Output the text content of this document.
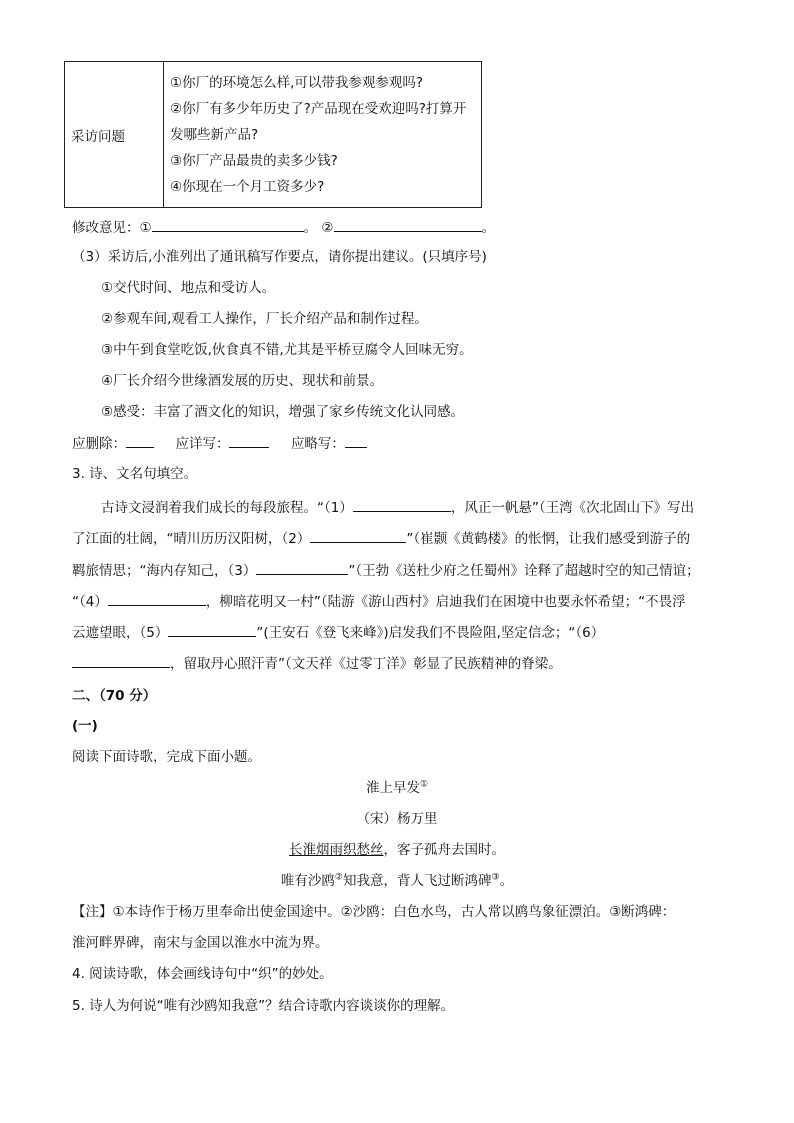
采访问题	
①你厂的环境怎么样,可以带我参观参观吗?
②你厂有多少年历史了?产品现在受欢迎吗?打算开
发哪些新产品?
③你厂产品最贵的卖多少钱?
④你现在一个月工资多少?
修改意见：①	。 ②	。
（3）采访后,小淮列出了通讯稿写作要点，请你提出建议。(只填序号)
①交代时间、地点和受访人。
②参观车间,观看工人操作，厂长介绍产品和制作过程。
③中午到食堂吃饭,伙食真不错,尤其是平桥豆腐令人回味无穷。
④厂长介绍今世缘酒发展的历史、现状和前景。
⑤感受：丰富了酒文化的知识，增强了家乡传统文化认同感。
应删除：	应详写：	应略写：
3. 诗、文名句填空。
古诗文浸润着我们成长的每段旅程。“（1）	，风正一帆悬”（王湾《次北固山下》写出
了江面的壮阔，“晴川历历汉阳树，（2）	”（崔颢《黄鹤楼》的怅惘，让我们感受到游子的
羁旅情思；“海内存知己，（3）	”（王勃《送杜少府之任蜀州》诠释了超越时空的知己情谊；
“（4）	，柳暗花明又一村”（陆游《游山西村》启迪我们在困境中也要永怀希望；“不畏浮
云遮望眼，（5）	”(王安石《登飞来峰》)启发我们不畏险阻,坚定信念；“（6）
，留取丹心照汗青”（文天祥《过零丁洋》彰显了民族精神的脊梁。
二、（70 分）
(一)
阅读下面诗歌，完成下面小题。
淮上早发①
（宋）杨万里
长淮烟雨织愁丝，客子孤舟去国时。
唯有沙鸥②知我意，背人飞过断鸿碑③。
【注】①本诗作于杨万里奉命出使金国途中。②沙鸥：白色水鸟，古人常以鸥鸟象征漂泊。③断鸿碑：
淮河畔界碑，南宋与金国以淮水中流为界。
4. 阅读诗歌，体会画线诗句中“织”的妙处。
5. 诗人为何说“唯有沙鸥知我意”？结合诗歌内容谈谈你的理解。
